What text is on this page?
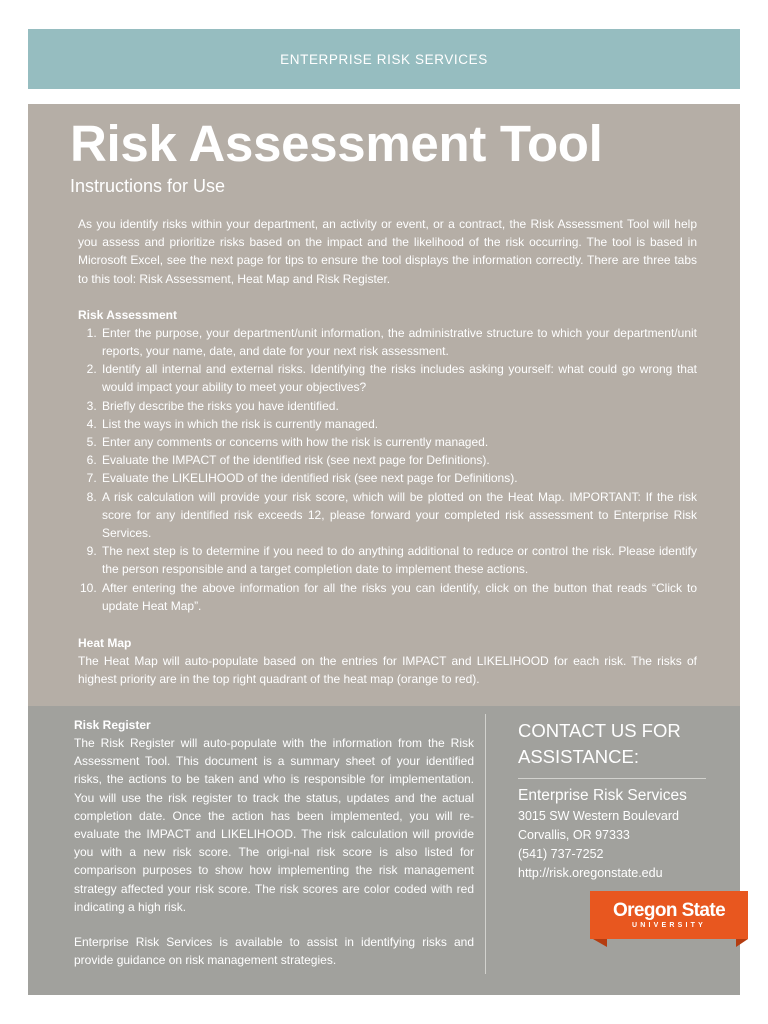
ENTERPRISE RISK SERVICES
Risk Assessment Tool
Instructions for Use

As you identify risks within your department, an activity or event, or a contract, the Risk Assessment Tool will help you assess and prioritize risks based on the impact and the likelihood of the risk occurring. The tool is based in Microsoft Excel, see the next page for tips to ensure the tool displays the information correctly. There are three tabs to this tool: Risk Assessment, Heat Map and Risk Register.

Risk Assessment
1. Enter the purpose, your department/unit information, the administrative structure to which your department/unit reports, your name, date, and date for your next risk assessment.
2. Identify all internal and external risks. Identifying the risks includes asking yourself: what could go wrong that would impact your ability to meet your objectives?
3. Briefly describe the risks you have identified.
4. List the ways in which the risk is currently managed.
5. Enter any comments or concerns with how the risk is currently managed.
6. Evaluate the IMPACT of the identified risk (see next page for Definitions).
7. Evaluate the LIKELIHOOD of the identified risk (see next page for Definitions).
8. A risk calculation will provide your risk score, which will be plotted on the Heat Map. IMPORTANT: If the risk score for any identified risk exceeds 12, please forward your completed risk assessment to Enterprise Risk Services.
9. The next step is to determine if you need to do anything additional to reduce or control the risk. Please identify the person responsible and a target completion date to implement these actions.
10. After entering the above information for all the risks you can identify, click on the button that reads “Click to update Heat Map”.
Heat Map

The Heat Map will auto-populate based on the entries for IMPACT and LIKELIHOOD for each risk. The risks of highest priority are in the top right quadrant of the heat map (orange to red).

Risk Register

The Risk Register will auto-populate with the information from the Risk Assessment Tool. This document is a summary sheet of your identified risks, the actions to be taken and who is responsible for implementation. You will use the risk register to track the status, updates and the actual completion date. Once the action has been implemented, you will re-evaluate the IMPACT and LIKELIHOOD. The risk calculation will provide you with a new risk score. The origi-nal risk score is also listed for comparison purposes to show how implementing the risk management strategy affected your risk score. The risk scores are color coded with red indicating a high risk.

Enterprise Risk Services is available to assist in identifying risks and provide guidance on risk management strategies.

CONTACT US FOR
ASSISTANCE:
Enterprise Risk Services
3015 SW Western Boulevard
Corvallis, OR 97333
(541) 737-7252
http://risk.oregonstate.edu
Oregon State
UNIVERSITY
